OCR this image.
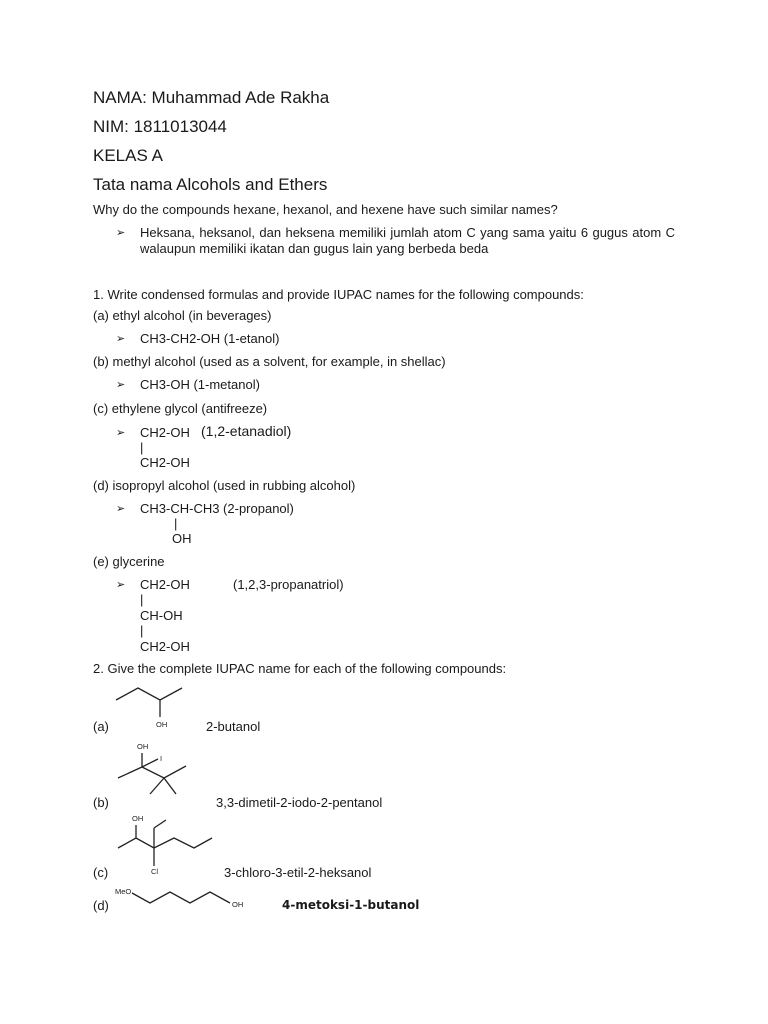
NAMA: Muhammad Ade Rakha
NIM: 1811013044
KELAS A
Tata nama Alcohols and Ethers
Why do the compounds hexane, hexanol, and hexene have such similar names?
➢ Heksana, heksanol, dan heksena memiliki jumlah atom C yang sama yaitu 6 gugus atom C walaupun memiliki ikatan dan gugus lain yang berbeda beda
1. Write condensed formulas and provide IUPAC names for the following compounds:
(a) ethyl alcohol (in beverages)
➢ CH3-CH2-OH (1-etanol)
(b) methyl alcohol (used as a solvent, for example, in shellac)
➢ CH3-OH (1-metanol)
(c) ethylene glycol (antifreeze)
➢ CH2-OH (1,2-etanadiol)
|
CH2-OH
(d) isopropyl alcohol (used in rubbing alcohol)
➢ CH3-CH-CH3 (2-propanol)
|
OH
(e) glycerine
➢ CH2-OH	(1,2,3-propanatriol)
|
CH-OH
|
CH2-OH
2. Give the complete IUPAC name for each of the following compounds:
OH
(a)	2-butanol
OH
I
(b)	3,3-dimetil-2-iodo-2-pentanol
OH
Cl
(c)	3-chloro-3-etil-2-heksanol
MeO
OH
(d)	4-metoksi-1-butanol
